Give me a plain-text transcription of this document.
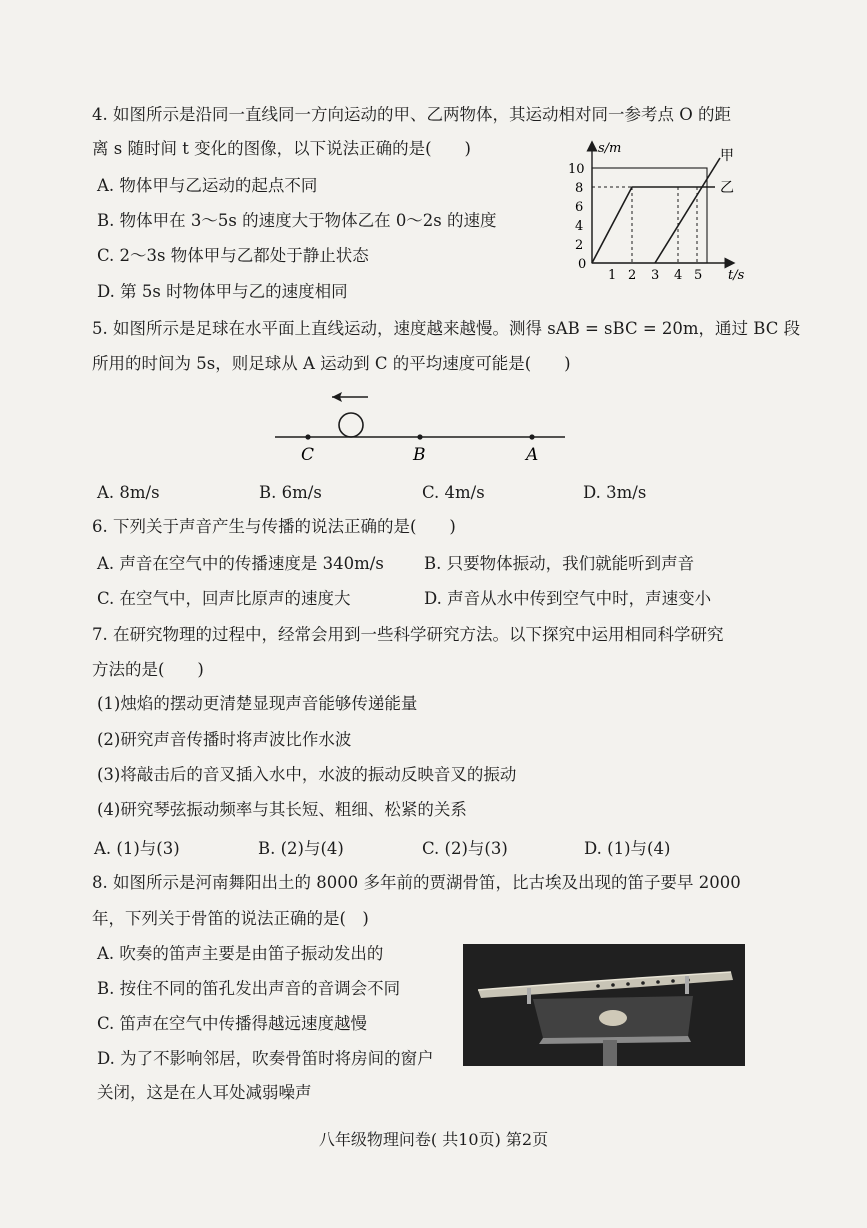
4. 如图所示是沿同一直线同一方向运动的甲、乙两物体，其运动相对同一参考点 O 的距
离 s 随时间 t 变化的图像，以下说法正确的是(　　)
A. 物体甲与乙运动的起点不同
B. 物体甲在 3～5s 的速度大于物体乙在 0～2s 的速度
C. 2～3s 物体甲与乙都处于静止状态
D. 第 5s 时物体甲与乙的速度相同
s/m
t/s
甲
乙
10
8
6
4
2
0
1 2 3 4 5
5. 如图所示是足球在水平面上直线运动，速度越来越慢。测得 sAB = sBC = 20m，通过 BC 段
所用的时间为 5s，则足球从 A 运动到 C 的平均速度可能是(　　)
C	B	A
A. 8m/s	B. 6m/s	C. 4m/s	D. 3m/s
6. 下列关于声音产生与传播的说法正确的是(　　)
A. 声音在空气中的传播速度是 340m/s B. 只要物体振动，我们就能听到声音
C. 在空气中，回声比原声的速度大	D. 声音从水中传到空气中时，声速变小
7. 在研究物理的过程中，经常会用到一些科学研究方法。以下探究中运用相同科学研究
方法的是(　　)
(1)烛焰的摆动更清楚显现声音能够传递能量
(2)研究声音传播时将声波比作水波
(3)将敲击后的音叉插入水中，水波的振动反映音叉的振动
(4)研究琴弦振动频率与其长短、粗细、松紧的关系
A. (1)与(3)	B. (2)与(4)	C. (2)与(3)	D. (1)与(4)
8. 如图所示是河南舞阳出土的 8000 多年前的贾湖骨笛，比古埃及出现的笛子要早 2000
年，下列关于骨笛的说法正确的是(　)
A. 吹奏的笛声主要是由笛子振动发出的
B. 按住不同的笛孔发出声音的音调会不同
C. 笛声在空气中传播得越远速度越慢
D. 为了不影响邻居，吹奏骨笛时将房间的窗户
关闭，这是在人耳处减弱噪声
八年级物理问卷( 共10页) 第2页
